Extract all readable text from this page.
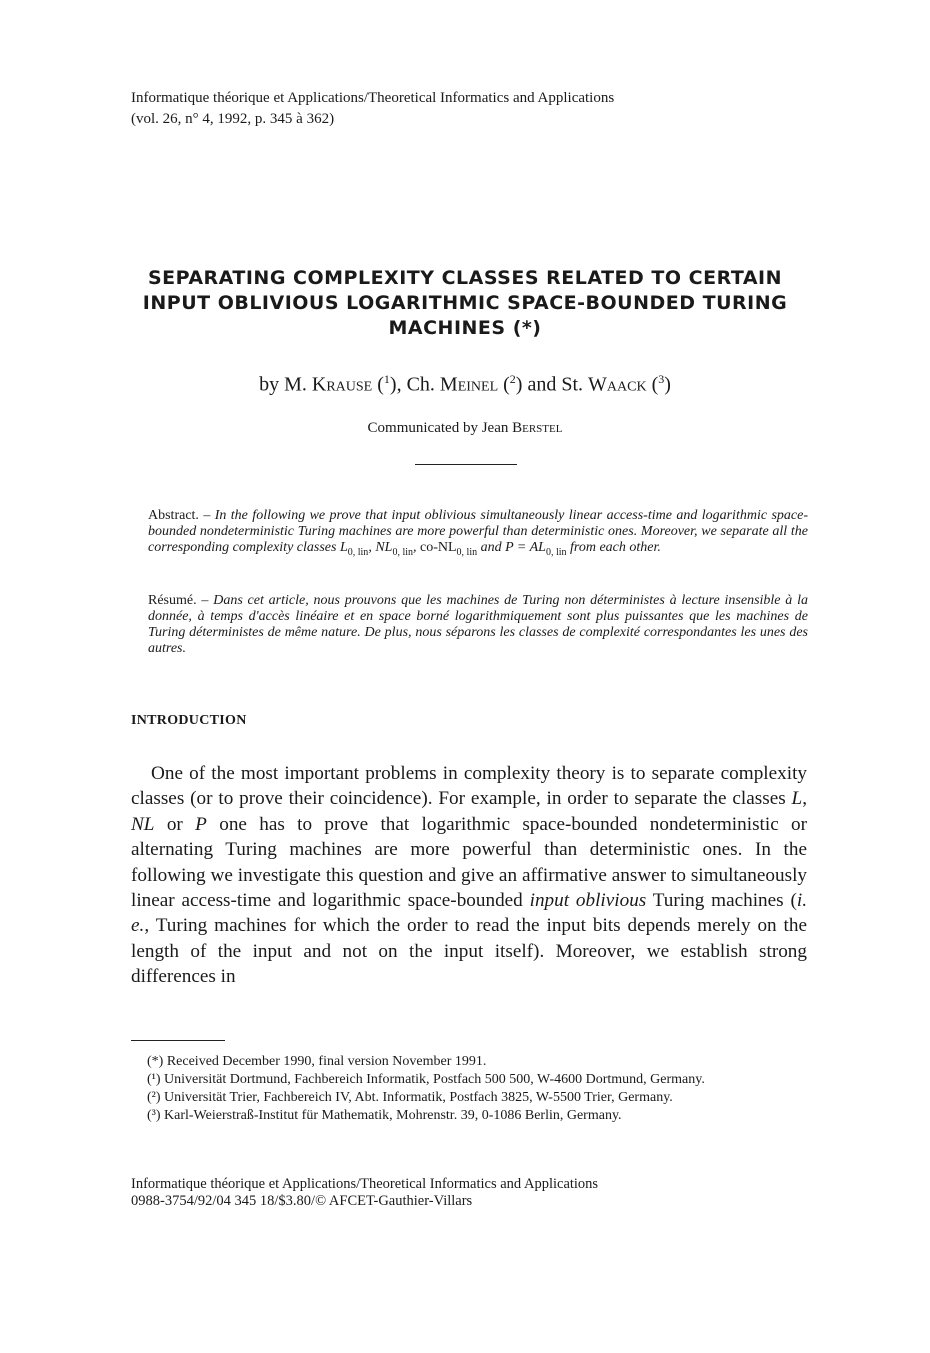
Informatique théorique et Applications/Theoretical Informatics and Applications
(vol. 26, n° 4, 1992, p. 345 à 362)
SEPARATING COMPLEXITY CLASSES RELATED TO CERTAIN INPUT OBLIVIOUS LOGARITHMIC SPACE-BOUNDED TURING MACHINES (*)
by M. Krause ($^1$), Ch. Meinel ($^2$) and St. Waack ($^3$)
Communicated by Jean Berstel
Abstract. – In the following we prove that input oblivious simultaneously linear access-time and logarithmic space-bounded nondeterministic Turing machines are more powerful than deterministic ones. Moreover, we separate all the corresponding complexity classes $L_{0, lin}$, $NL_{0, lin}$, $co-NL_{0, lin}$ and $P = AL_{0, lin}$ from each other.
Résumé. – Dans cet article, nous prouvons que les machines de Turing non déterministes à lecture insensible à la donnée, à temps d'accès linéaire et en space borné logarithmiquement sont plus puissantes que les machines de Turing déterministes de même nature. De plus, nous séparons les classes de complexité correspondantes les unes des autres.
INTRODUCTION

One of the most important problems in complexity theory is to separate complexity classes (or to prove their coincidence). For example, in order to separate the classes L, NL or P one has to prove that logarithmic space-bounded nondeterministic or alternating Turing machines are more powerful than deterministic ones. In the following we investigate this question and give an affirmative answer to simultaneously linear access-time and logarithmic space-bounded input oblivious Turing machines (i. e., Turing machines for which the order to read the input bits depends merely on the length of the input and not on the input itself). Moreover, we establish strong differences in

(*) Received December 1990, final version November 1991.
(¹) Universität Dortmund, Fachbereich Informatik, Postfach 500 500, W-4600 Dortmund, Germany.
(²) Universität Trier, Fachbereich IV, Abt. Informatik, Postfach 3825, W-5500 Trier, Germany.
(³) Karl-Weierstraß-Institut für Mathematik, Mohrenstr. 39, 0-1086 Berlin, Germany.
Informatique théorique et Applications/Theoretical Informatics and Applications
0988-3754/92/04 345 18/$3.80/© AFCET-Gauthier-Villars
